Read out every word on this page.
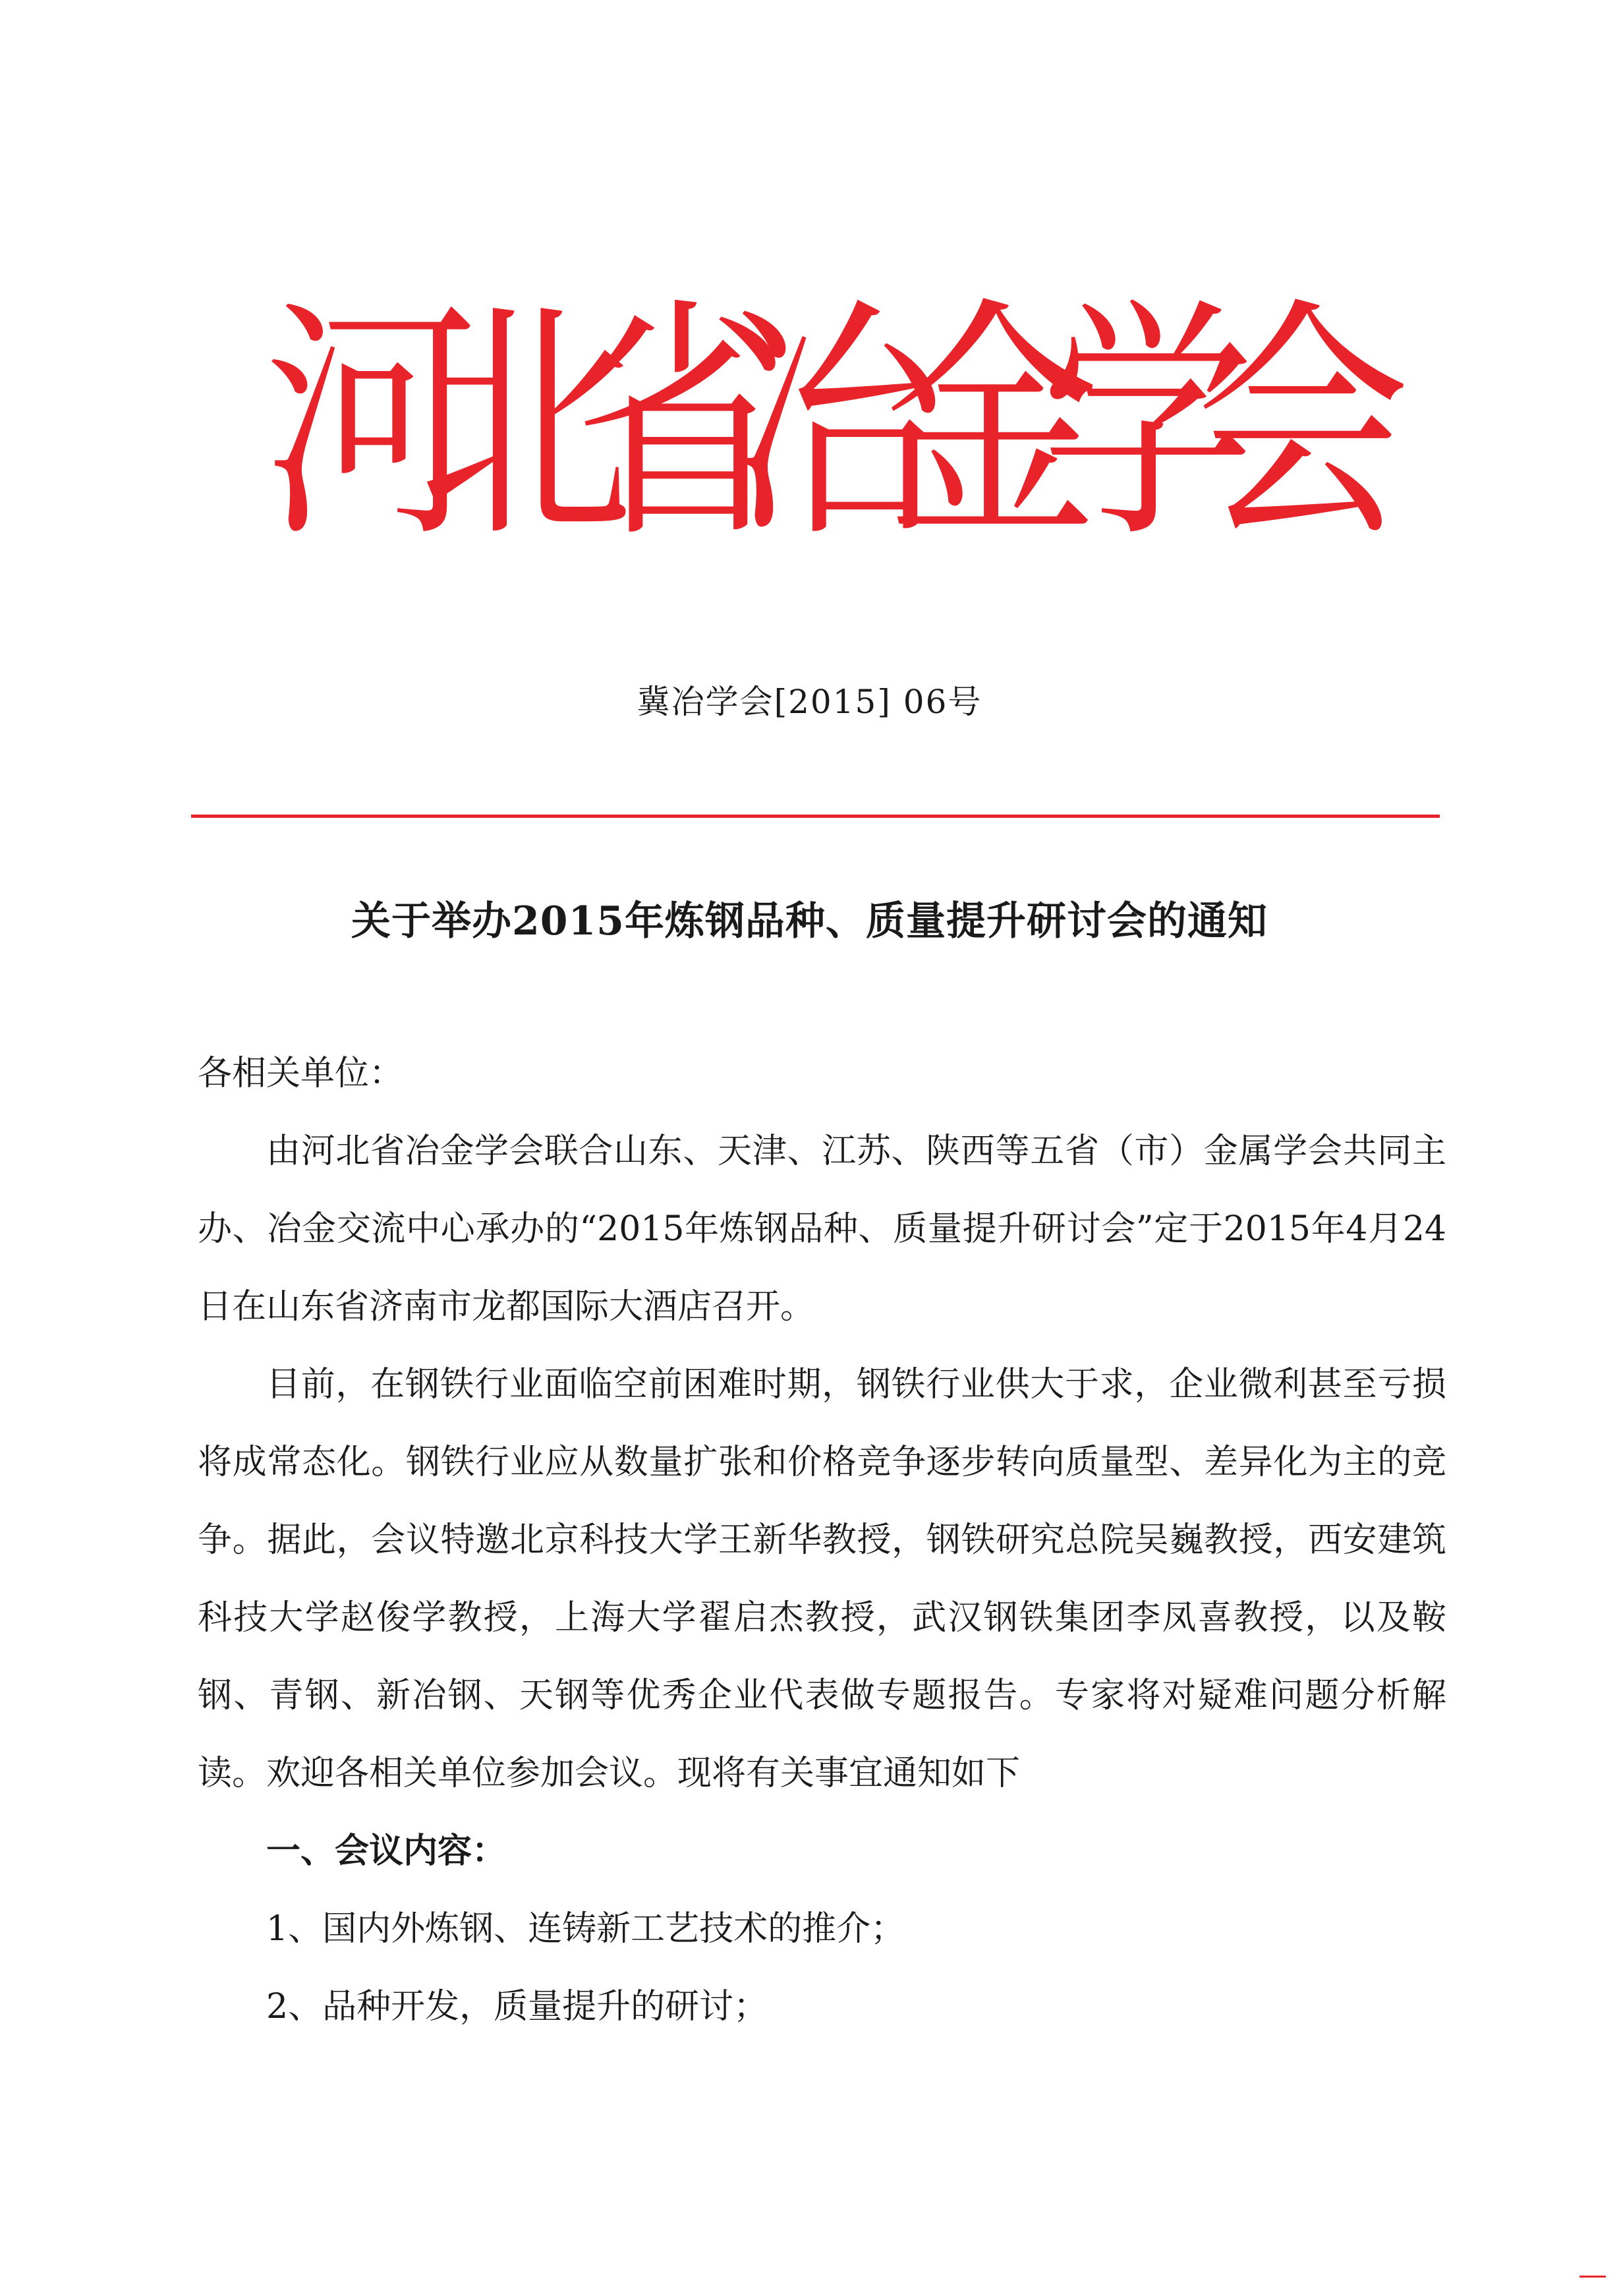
河
北
省
冶
金
学
会
冀冶学会[2015] 06号
关于举办2015年炼钢品种、质量提升研讨会的通知

各相关单位：

由河北省冶金学会联合山东、天津、江苏、陕西等五省（市）金属学会共同主办、冶金交流中心承办的“2015年炼钢品种、质量提升研讨会”定于2015年4月24日在山东省济南市龙都国际大酒店召开。

目前，在钢铁行业面临空前困难时期，钢铁行业供大于求，企业微利甚至亏损将成常态化。钢铁行业应从数量扩张和价格竞争逐步转向质量型、差异化为主的竞争。据此，会议特邀北京科技大学王新华教授，钢铁研究总院吴巍教授，西安建筑科技大学赵俊学教授，上海大学翟启杰教授，武汉钢铁集团李凤喜教授，以及鞍钢、青钢、新冶钢、天钢等优秀企业代表做专题报告。专家将对疑难问题分析解读。欢迎各相关单位参加会议。现将有关事宜通知如下

一、会议内容：

1、国内外炼钢、连铸新工艺技术的推介；

2、品种开发，质量提升的研讨；
